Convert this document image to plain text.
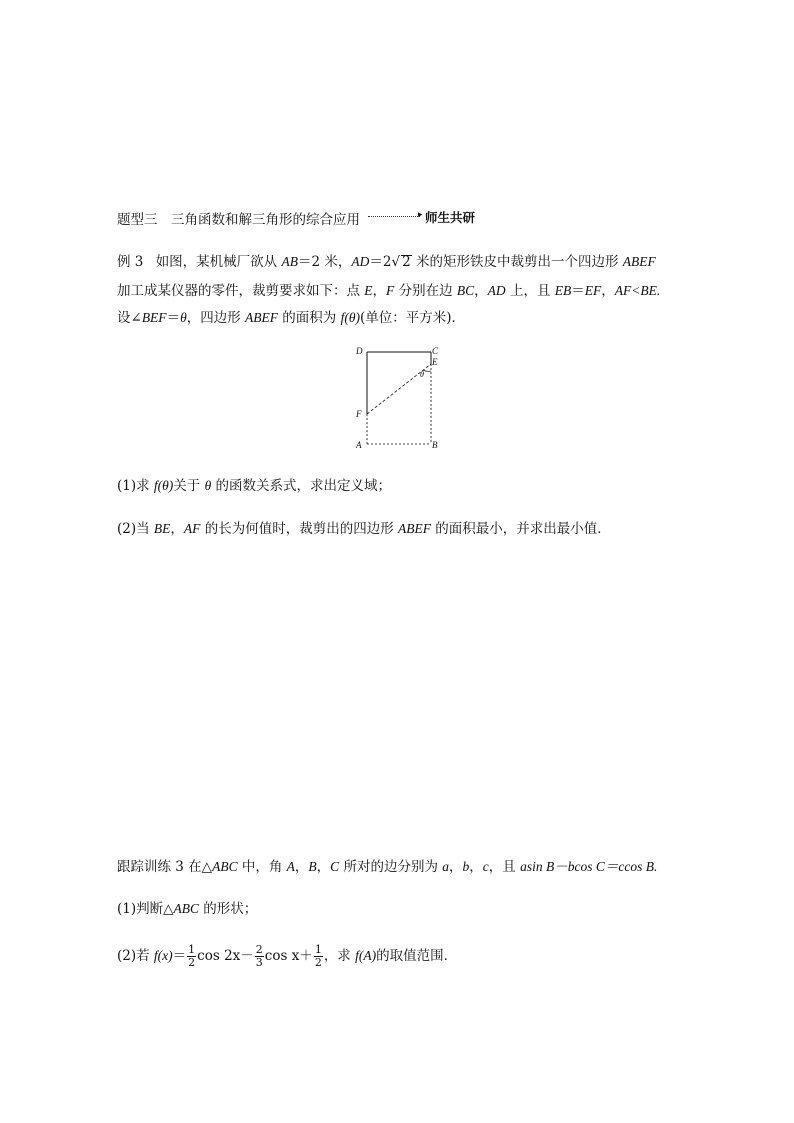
题型三　三角函数和解三角形的综合应用	▸ 师生共研
例 3 如图，某机械厂欲从 AB＝2 米，AD＝2√ 2 米的矩形铁皮中裁剪出一个四边形 ABEF
加工成某仪器的零件，裁剪要求如下：点 E，F 分别在边 BC，AD 上，且 EB＝EF，AF<BE.
设∠BEF＝θ，四边形 ABEF 的面积为 f(θ)(单位：平方米)．
D	C
E
θ
F
A	B
(1)求 f(θ)关于 θ 的函数关系式，求出定义域；
(2)当 BE，AF 的长为何值时，裁剪出的四边形 ABEF 的面积最小，并求出最小值．
跟踪训练 3 在△ABC 中，角 A，B，C 所对的边分别为 a，b，c，且 asin B－bcos C＝ccos B.
(1)判断△ABC 的形状；
(2)若 $f(x)= \frac{1}{2}$ $\cos 2x- \frac{2}{3}$ $\cos x+ \frac{1}{2}$ ，求 f(A)的取值范围．
